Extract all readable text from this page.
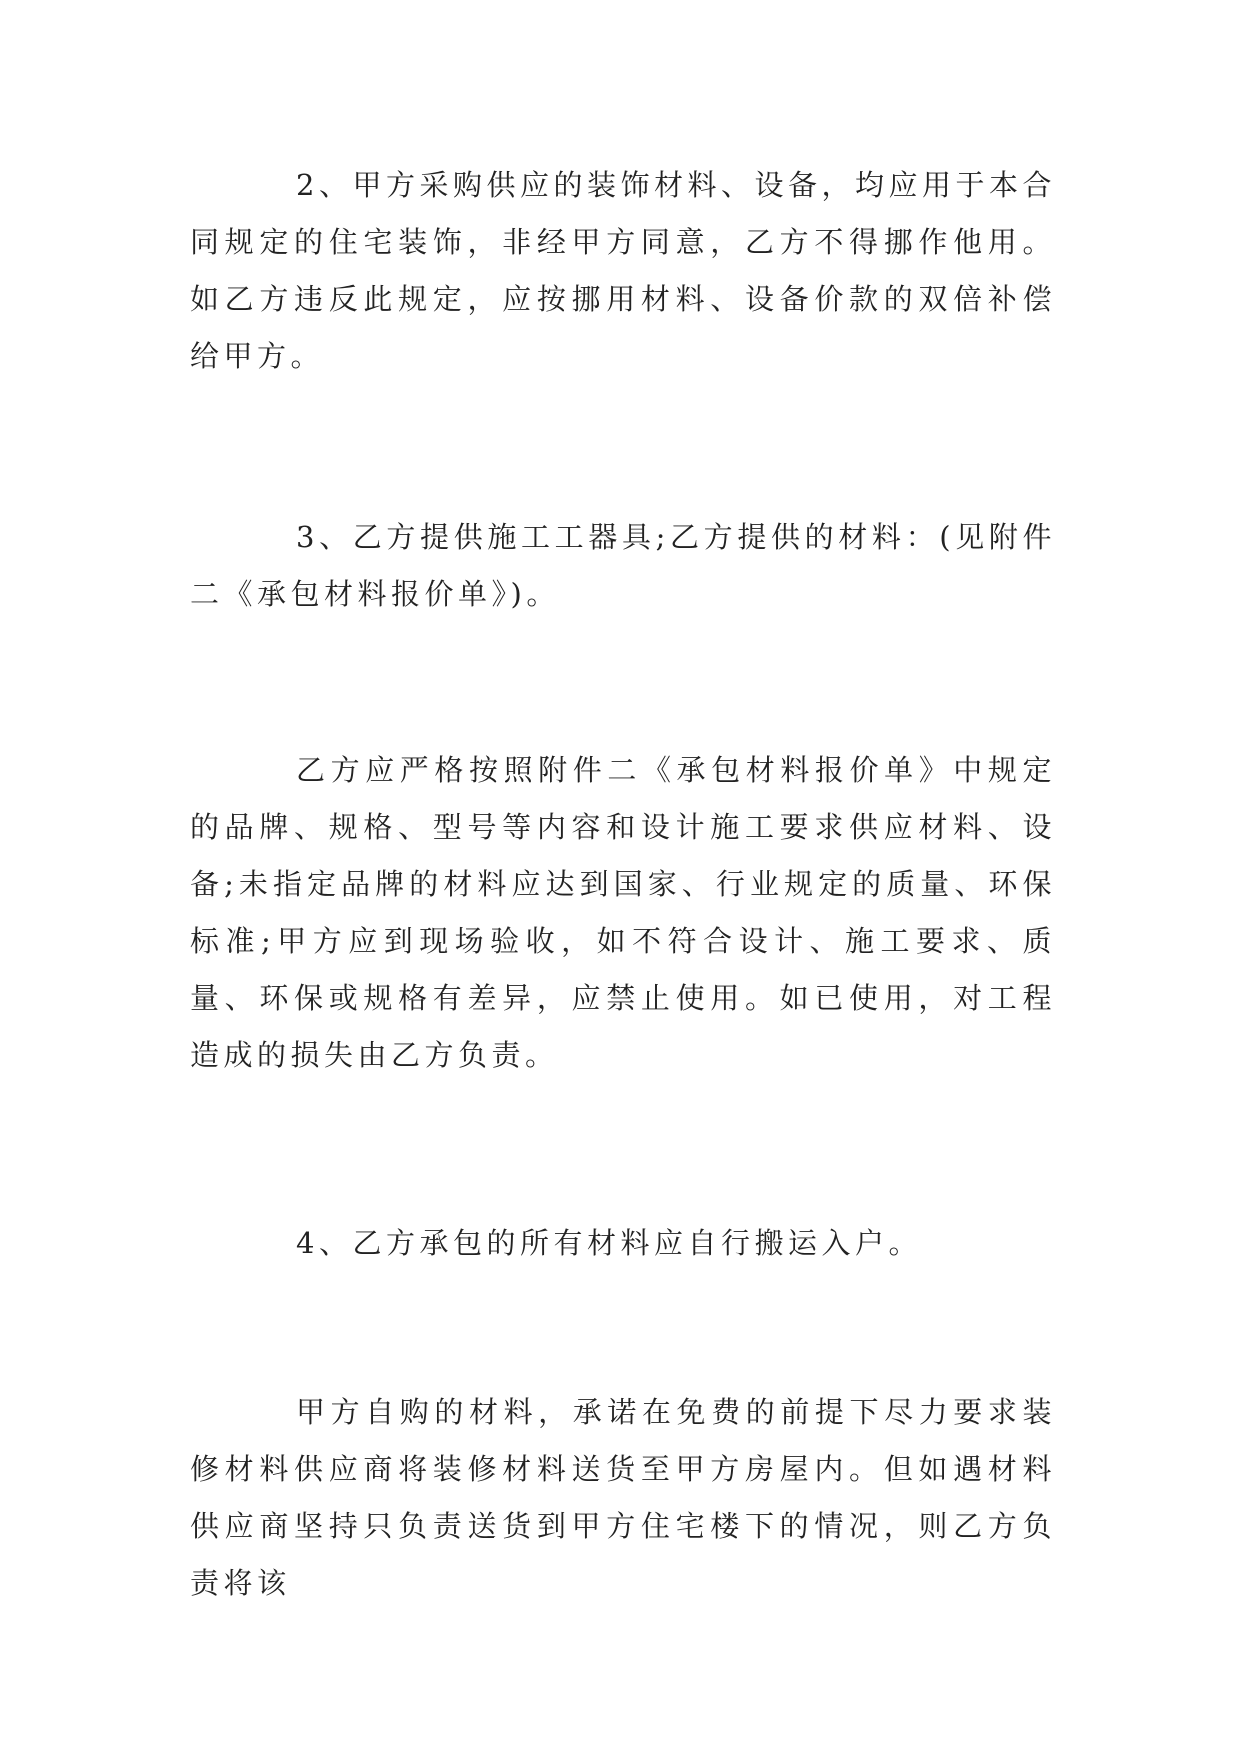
2、甲方采购供应的装饰材料、设备，均应用于本合同规定的住宅装饰，非经甲方同意，乙方不得挪作他用。如乙方违反此规定，应按挪用材料、设备价款的双倍补偿给甲方。

3、乙方提供施工工器具;乙方提供的材料：(见附件二《承包材料报价单》)。

乙方应严格按照附件二《承包材料报价单》中规定的品牌、规格、型号等内容和设计施工要求供应材料、设备;未指定品牌的材料应达到国家、行业规定的质量、环保标准;甲方应到现场验收，如不符合设计、施工要求、质量、环保或规格有差异，应禁止使用。如已使用，对工程造成的损失由乙方负责。

4、乙方承包的所有材料应自行搬运入户。

甲方自购的材料，承诺在免费的前提下尽力要求装修材料供应商将装修材料送货至甲方房屋内。但如遇材料供应商坚持只负责送货到甲方住宅楼下的情况，则乙方负责将该
